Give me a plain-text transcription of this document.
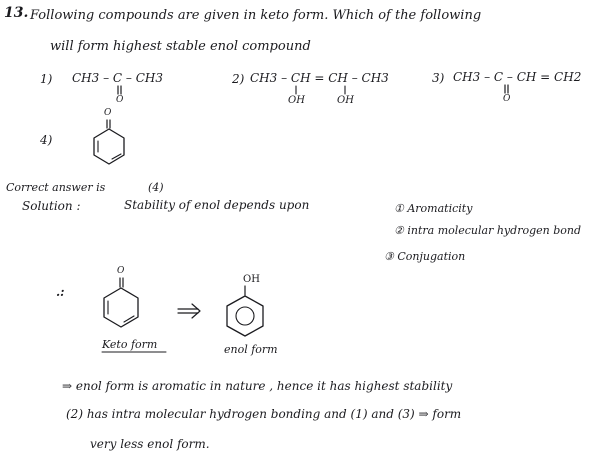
13. Following compounds are given in keto form. Which of the following
will form highest stable enol compound
1) CH3 – C – CH3
O
2) CH3 – CH = CH – CH3
OH	OH
3) CH3 – C – CH = CH2
O
4)
O
Correct answer is	(4)
Solution :	Stability of enol depends upon	① Aromaticity
② intra molecular hydrogen bond
③ Conjugation
.:
O
OH
Keto form	enol form
⇒ enol form is aromatic in nature , hence it has highest stability
(2) has intra molecular hydrogen bonding and (1) and (3) ⇒ form
very less enol form.
